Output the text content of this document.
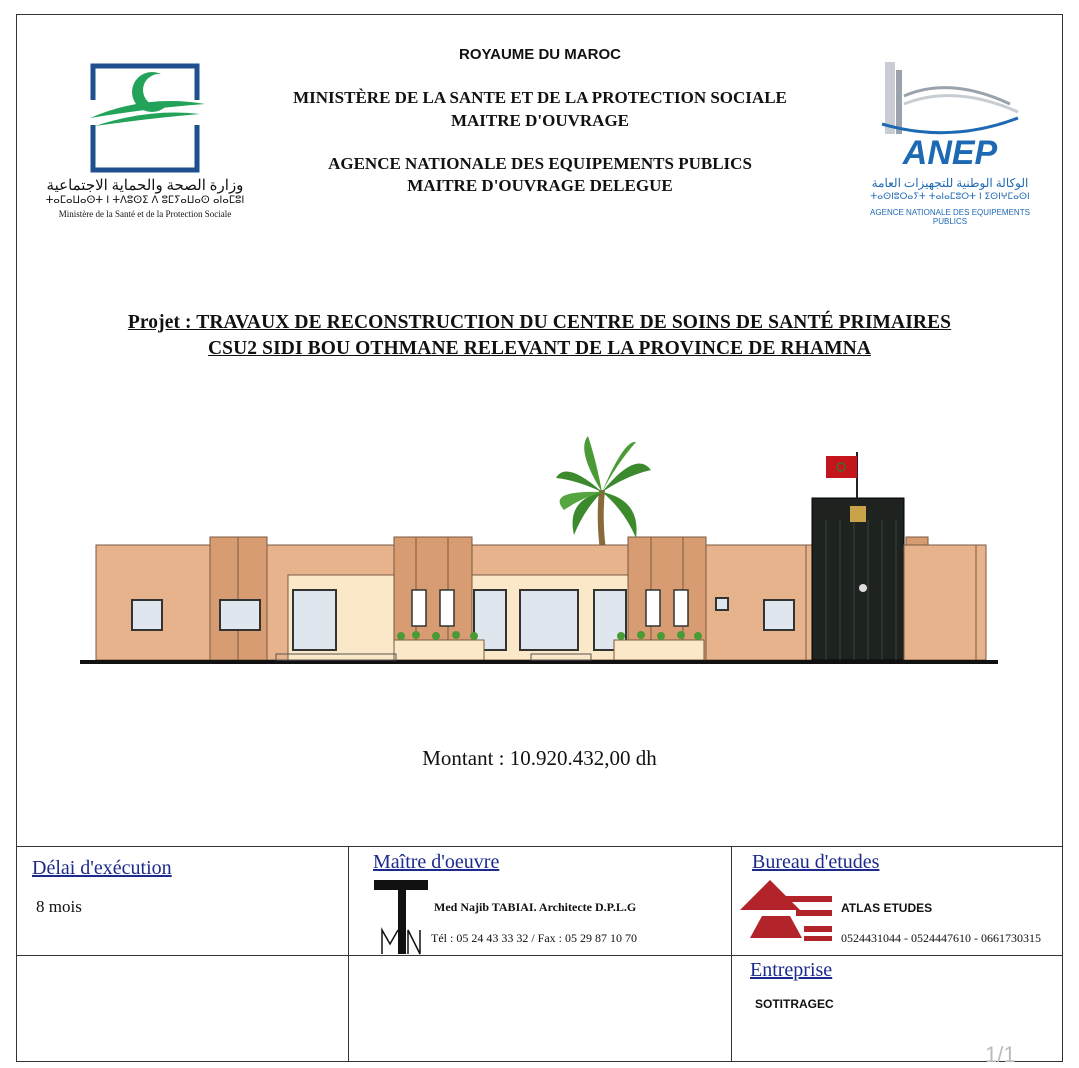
ROYAUME DU MAROC
MINISTÈRE DE LA SANTE ET DE LA PROTECTION SOCIALE
MAITRE D'OUVRAGE
AGENCE NATIONALE DES EQUIPEMENTS PUBLICS
MAITRE D'OUVRAGE DELEGUE
وزارة الصحة والحماية الاجتماعية
ⵜⴰⵎⴰⵡⴰⵙⵜ ⵏ ⵜⴷⵓⵙⵉ ⴷ ⵓⵎⵢⴰⵡⴰⵙ ⴰⵏⴰⵎⵓⵏ
Ministère de la Santé et de la Protection Sociale
ANEP
الوكالة الوطنية للتجهيزات العامة
ⵜⴰⵙⵏⵓⵔⴰⵢⵜ ⵜⴰⵏⴰⵎⵓⵔⵜ ⵏ ⵉⵙⵏⵖⵎⴰⵙⵏ
AGENCE NATIONALE DES EQUIPEMENTS PUBLICS
Projet : TRAVAUX DE RECONSTRUCTION DU CENTRE DE SOINS DE SANTÉ PRIMAIRES
CSU2 SIDI BOU OTHMANE RELEVANT DE LA PROVINCE DE RHAMNA
Montant : 10.920.432,00 dh
Délai d'exécution
8 mois
Maître d'oeuvre
Med Najib TABIAI. Architecte D.P.L.G
Tél : 05 24 43 33 32 / Fax : 05 29 87 10 70
Bureau d'etudes
ATLAS ETUDES
0524431044 - 0524447610 - 0661730315
Entreprise
SOTITRAGEC
1/1
